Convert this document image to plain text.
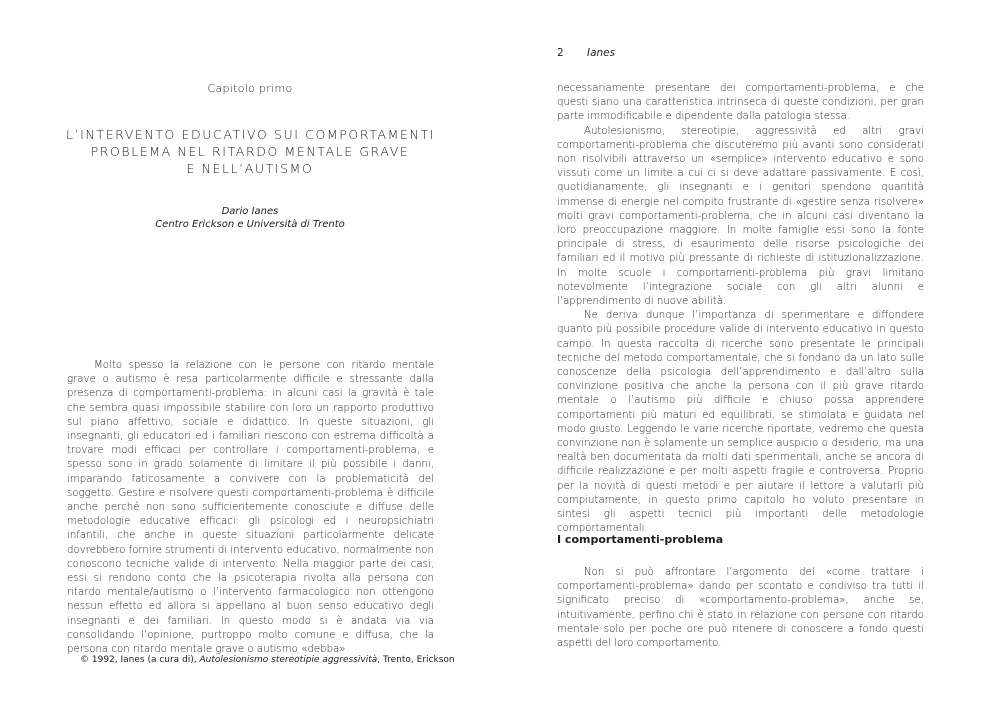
Capitolo primo
L’INTERVENTO EDUCATIVO SUI COMPORTAMENTI
PROBLEMA NEL RITARDO MENTALE GRAVE
E NELL’AUTISMO
Dario Ianes
Centro Erickson e Università di Trento

Molto spesso la relazione con le persone con ritardo mentale grave o autismo è resa particolarmente difficile e stressante dalla presenza di comportamenti-problema: in alcuni casi la gravità è tale che sembra quasi impossibile stabilire con loro un rapporto produttivo sul piano affettivo, sociale e didattico. In queste situazioni, gli insegnanti, gli educatori ed i familiari riescono con estrema difficoltà a trovare modi efficaci per controllare i comportamenti-problema, e spesso sono in grado solamente di limitare il più possibile i danni, imparando faticosamente a convivere con la problematicità del soggetto. Gestire e risolvere questi comportamenti-problema è difficile anche perché non sono sufficientemente conosciute e diffuse delle metodologie educative efficaci: gli psicologi ed i neuropsichiatri infantili, che anche in queste situazioni particolarmente delicate dovrebbero fornire strumenti di intervento educativo, normalmente non conoscono tecniche valide di intervento. Nella maggior parte dei casi, essi si rendono conto che la psicoterapia rivolta alla persona con ritardo mentale/autismo o l’intervento farmacologico non ottengono nessun effetto ed allora si appellano al buon senso educativo degli insegnanti e dei familiari. In questo modo si è andata via via consolidando l’opinione, purtroppo molto comune e diffusa, che la persona con ritardo mentale grave o autismo «debba»

© 1992, Ianes (a cura di), Autolesionismo stereotipie aggressività, Trento, Erickson
2 Ianes

necessariamente presentare dei comportamenti-problema, e che questi siano una caratteristica intrinseca di queste condizioni, per gran parte immodificabile e dipendente dalla patologia stessa.

Autolesionismo, stereotipie, aggressività ed altri gravi comportamenti-problema che discuteremo più avanti sono considerati non risolvibili attraverso un «semplice» intervento educativo e sono vissuti come un limite a cui ci si deve adattare passivamente. E così, quotidianamente, gli insegnanti e i genitori spendono quantità immense di energie nel compito frustrante di «gestire senza risolvere» molti gravi comportamenti-problema, che in alcuni casi diventano la loro preoccupazione maggiore. In molte famiglie essi sono la fonte principale di stress, di esaurimento delle risorse psicologiche dei familiari ed il motivo più pressante di richieste di istituzionalizzazione. In molte scuole i comportamenti-problema più gravi limitano notevolmente l’integrazione sociale con gli altri alunni e l’apprendimento di nuove abilità.

Ne deriva dunque l’importanza di sperimentare e diffondere quanto più possibile procedure valide di intervento educativo in questo campo. In questa raccolta di ricerche sono presentate le principali tecniche del metodo comportamentale, che si fondano da un lato sulle conoscenze della psicologia dell’apprendimento e dall’altro sulla convinzione positiva che anche la persona con il più grave ritardo mentale o l’autismo più difficile e chiuso possa apprendere comportamenti più maturi ed equilibrati, se stimolata e guidata nel modo giusto. Leggendo le varie ricerche riportate, vedremo che questa convinzione non è solamente un semplice auspicio o desiderio, ma una realtà ben documentata da molti dati sperimentali, anche se ancora di difficile realizzazione e per molti aspetti fragile e controversa. Proprio per la novità di questi metodi e per aiutare il lettore a valutarli più compiutamente, in questo primo capitolo ho voluto presentare in sintesi gli aspetti tecnici più importanti delle metodologie comportamentali.

I comportamenti-problema

Non si può affrontare l’argomento del «come trattare i comportamenti-problema» dando per scontato e condiviso tra tutti il significato preciso di «comportamento-problema», anche se, intuitivamente, perfino chi è stato in relazione con persone con ritardo mentale solo per poche ore può ritenere di conoscere a fondo questi aspetti del loro comportamento.
